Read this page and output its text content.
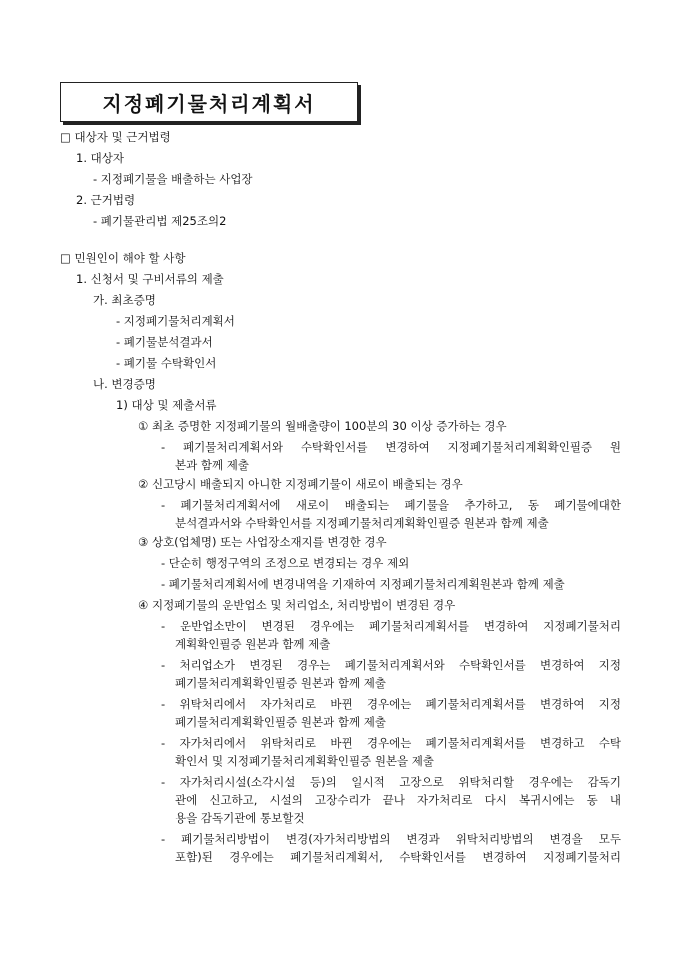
지정폐기물처리계획서
□ 대상자 및 근거법령
1. 대상자
- 지정폐기물을 배출하는 사업장
2. 근거법령
- 폐기물관리법 제25조의2
□ 민원인이 해야 할 사항
1. 신청서 및 구비서류의 제출
가. 최초증명
- 지정폐기물처리계획서
- 폐기물분석결과서
- 폐기물 수탁확인서
나. 변경증명
1) 대상 및 제출서류
① 최초 증명한 지정폐기물의 월배출량이 100분의 30 이상 증가하는 경우
- 폐기물처리계획서와 수탁확인서를 변경하여 지정폐기물처리계획확인필증 원
본과 함께 제출
② 신고당시 배출되지 아니한 지정폐기물이 새로이 배출되는 경우
- 폐기물처리계획서에 새로이 배출되는 폐기물을 추가하고, 동 폐기물에대한
분석결과서와 수탁확인서를 지정폐기물처리계획확인필증 원본과 함께 제출
③ 상호(업체명) 또는 사업장소재지를 변경한 경우
- 단순히 행정구역의 조정으로 변경되는 경우 제외
- 폐기물처리계획서에 변경내역을 기재하여 지정폐기물처리계획원본과 함께 제출
④ 지정폐기물의 운반업소 및 처리업소, 처리방법이 변경된 경우
- 운반업소만이 변경된 경우에는 폐기물처리계획서를 변경하여 지정폐기물처리
계획확인필증 원본과 함께 제출
- 처리업소가 변경된 경우는 폐기물처리계획서와 수탁확인서를 변경하여 지정
폐기물처리계획확인필증 원본과 함께 제출
- 위탁처리에서 자가처리로 바뀐 경우에는 폐기물처리계획서를 변경하여 지정
폐기물처리계획확인필증 원본과 함께 제출
- 자가처리에서 위탁처리로 바뀐 경우에는 폐기물처리계획서를 변경하고 수탁
확인서 및 지정폐기물처리계획확인필증 원본을 제출
- 자가처리시설(소각시설 등)의 일시적 고장으로 위탁처리할 경우에는 감독기
관에 신고하고, 시설의 고장수리가 끝나 자가처리로 다시 복귀시에는 동 내
용을 감독기관에 통보할것
- 폐기물처리방법이 변경(자가처리방법의 변경과 위탁처리방법의 변경을 모두
포함)된 경우에는 폐기물처리계획서, 수탁확인서를 변경하여 지정폐기물처리
